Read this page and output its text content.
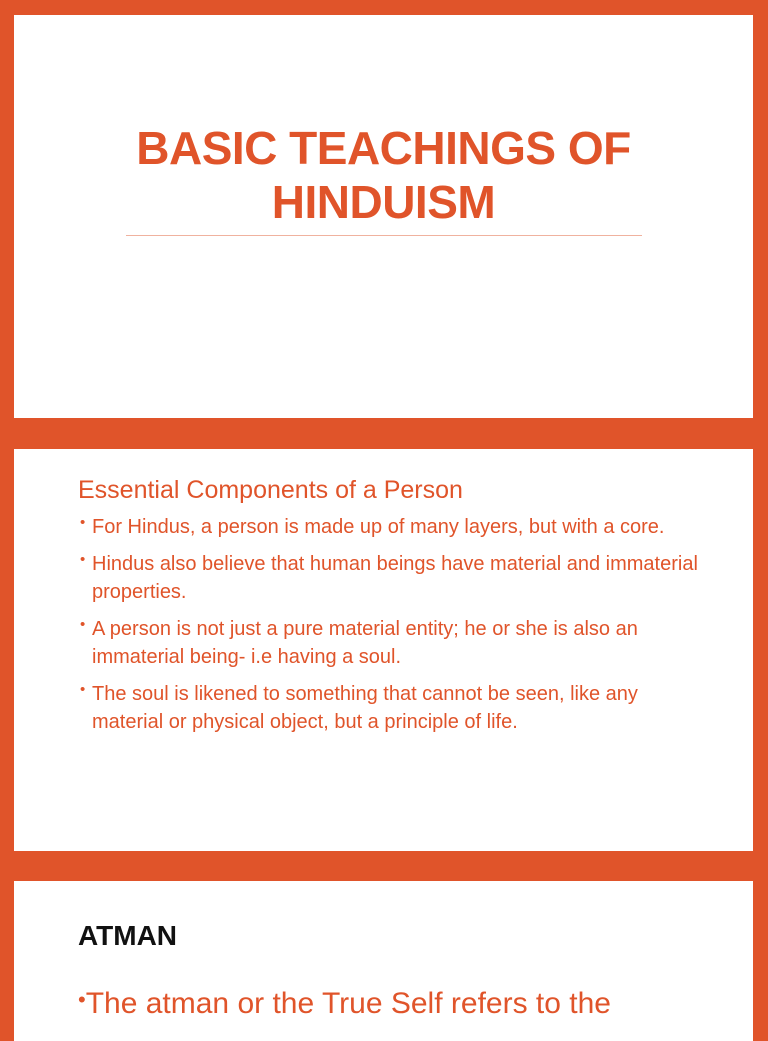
BASIC TEACHINGS OF
HINDUISM
Essential Components of a Person
• For Hindus, a person is made up of many layers, but with a core.
• Hindus also believe that human beings have material and immaterial properties.
• A person is not just a pure material entity; he or she is also an immaterial being- i.e having a soul.
• The soul is likened to something that cannot be seen, like any material or physical object, but a principle of life.
ATMAN
•The atman or the True Self refers to the
